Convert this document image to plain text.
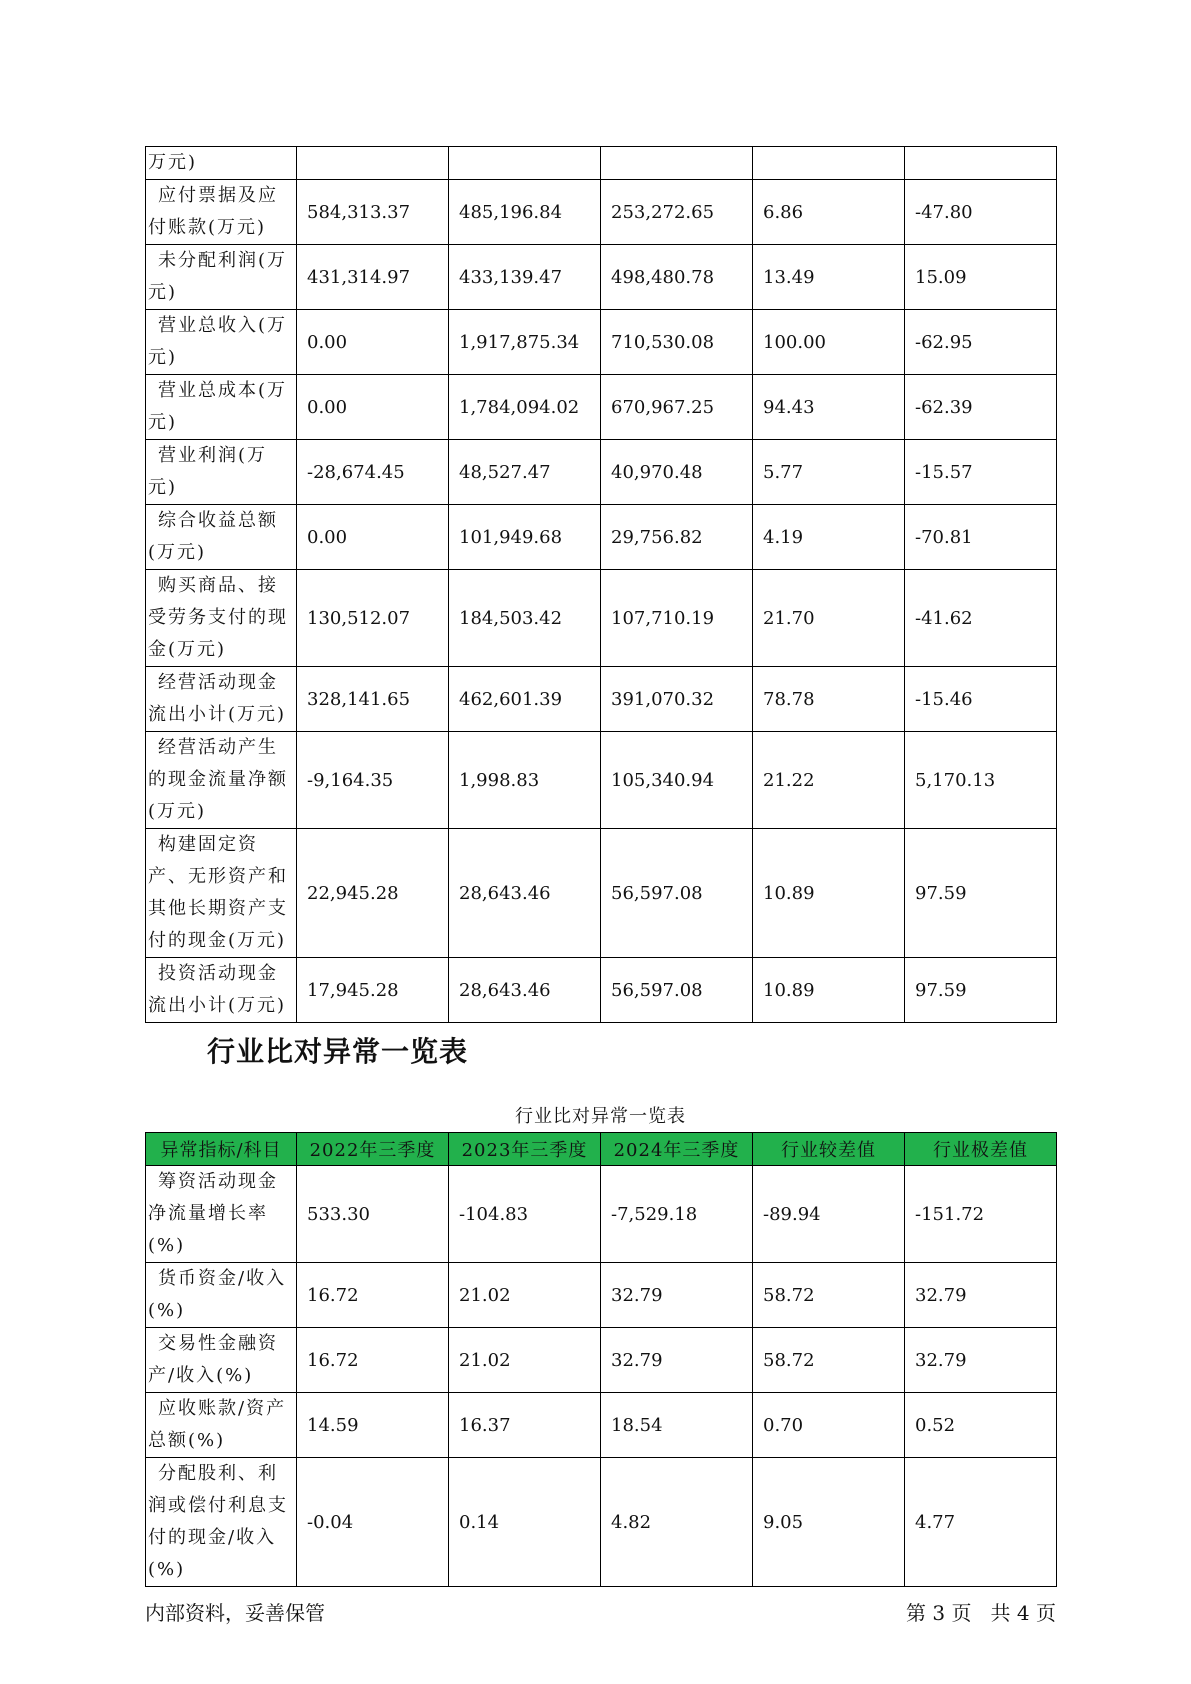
万元)					
应付票据及应付账款(万元)	584,313.37	485,196.84	253,272.65	6.86	-47.80
未分配利润(万元)	431,314.97	433,139.47	498,480.78	13.49	15.09
营业总收入(万元)	0.00	1,917,875.34	710,530.08	100.00	-62.95
营业总成本(万元)	0.00	1,784,094.02	670,967.25	94.43	-62.39
营业利润(万元)	-28,674.45	48,527.47	40,970.48	5.77	-15.57
综合收益总额(万元)	0.00	101,949.68	29,756.82	4.19	-70.81
购买商品、接受劳务支付的现金(万元)	130,512.07	184,503.42	107,710.19	21.70	-41.62
经营活动现金流出小计(万元)	328,141.65	462,601.39	391,070.32	78.78	-15.46
经营活动产生的现金流量净额(万元)	-9,164.35	1,998.83	105,340.94	21.22	5,170.13
构建固定资产、无形资产和其他长期资产支付的现金(万元)	22,945.28	28,643.46	56,597.08	10.89	97.59
投资活动现金流出小计(万元)	17,945.28	28,643.46	56,597.08	10.89	97.59
行业比对异常一览表
行业比对异常一览表
异常指标/科目	2022年三季度	2023年三季度	2024年三季度	行业较差值	行业极差值
筹资活动现金净流量增长率(%)	533.30	-104.83	-7,529.18	-89.94	-151.72
货币资金/收入(%)	16.72	21.02	32.79	58.72	32.79
交易性金融资产/收入(%)	16.72	21.02	32.79	58.72	32.79
应收账款/资产总额(%)	14.59	16.37	18.54	0.70	0.52
分配股利、利润或偿付利息支付的现金/收入(%)	-0.04	0.14	4.82	9.05	4.77
内部资料，妥善保管	第 3 页   共 4 页
